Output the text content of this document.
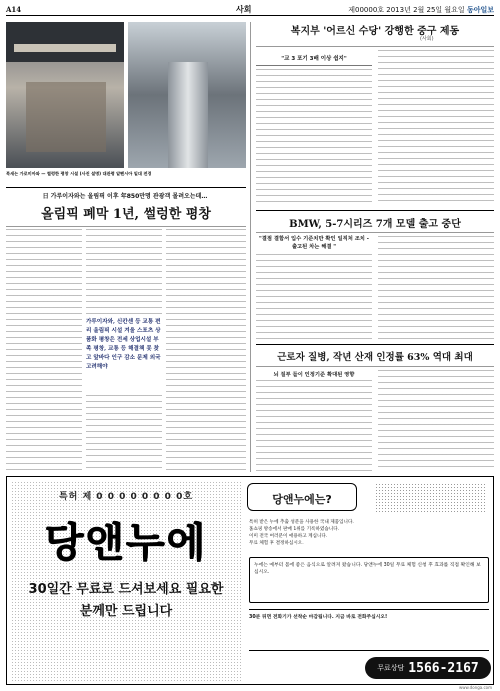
A14	사회	제00000호 2013년 2월 25일 월요일 동아일보
북새는 가로미아와 — 썰렁한 평창 시설 (사진 설명) 대관령 알펜시아 일대 전경
日 가루이자와는 올림픽 이후 年850만명 관광객 몰려오는데…
올림픽 폐막 1년, 썰렁한 평창
가루이자와, 신칸센 등 교통 편리 올림픽 시설 겨울 스포츠 상품화 평창은 전세 상업시설 부족 평창, 교통 등 해결책 못 찾고 앞바다 인구 감소 문제 외국 고려해야
복지부 '어르신 수당' 강행한 중구 제동
(사회)
"교 3 포기 3배 이상 쉽지"
BMW, 5-7시리즈 7개 모델 출고 중단
"결점 결함서 입수 기준치만 확인 일직처 조치 - 출고된 차는 해결 "
근로자 질병, 작년 산재 인정률 63% 역대 최대
뇌 질부 들이 인정기준 확대된 영향
특허 제 0 0 0 0 0 0 0 0호
당앤누에
30일간 무료로 드셔보세요 필요한 분께만 드립니다
당앤누에는?
특허 받은 누에 추출 성분을 사용한 국내 제품입니다.
홈쇼핑 방송에서 판매 1위를 기록하였습니다.
이미 전국 여러분이 애용하고 계십니다.
무료 체험 후 결정하십시오.
누에는 예부터 몸에 좋은 음식으로 알려져 왔습니다. 당앤누에 30일 무료 체험 신청 후 효과를 직접 확인해 보십시오.
30분 뒤면 전화기가 선착순 마감됩니다. 지금 바로 전화주십시오!
무료상담 1566-2167
www.donga.com
